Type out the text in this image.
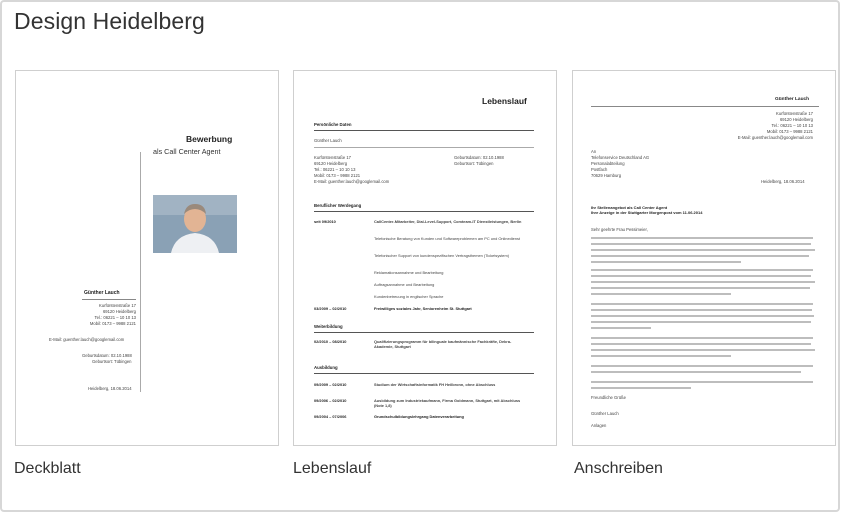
Design Heidelberg
Bewerbung
als Call Center Agent
Günther Lauch
Kurfürstenstraße 17
69120 Heidelberg
Tel.: 06221 – 10 10 13
Mobil: 0173 – 9988 2121
E-Mail: guenther.lauch@googlemail.com
Geburtsdatum: 02.10.1988
Geburtsort: Tübingen
Heidelberg, 18.06.2014
Deckblatt
Lebenslauf
Persönliche Daten
Günther Lauch
Kurfürstenstraße 17
69120 Heidelberg
Tel.: 06221 – 10 10 13
Mobil: 0173 – 9988 2121
E-Mail: guenther.lauch@googlemail.com
Geburtsdatum: 02.10.1988
Geburtsort: Tübingen
Beruflicher Werdegang
seit 09/2010	CallCenter-Mitarbeiter, Dial-Level-Support, Comteam-IT Dienstleistungen, Berlin
Telefonische Beratung von Kunden und Softwareproblemen am PC und Onlinedienst
Telefonischer Support von kundenspezifischen Vertragsthemen (Ticketsystem)
Reklamationsannahme und Bearbeitung
Auftragsannahme und Bearbeitung
Kundenbetreuung in englischer Sprache
03/2009 – 02/2010	Freiwilliges soziales Jahr, Seniorenheim St. Stuttgart
Weiterbildung
02/2010 – 08/2010	Qualifizierungsprogramm für bilinguale kaufmännische Fachkräfte, Dekra-Akademie, Stuttgart
Ausbildung
09/2009 – 02/2010	Studium der Wirtschaftsinformatik FH Heilbronn, ohne Abschluss
09/2006 – 02/2010	Ausbildung zum Industriekaufmann, Firma Goldmann, Stuttgart, mit Abschluss (Note 1,8)
09/2004 – 07/2006	Grundschulbildungslehrgang Datenverarbeitung
Lebenslauf
Günther Lauch
Kurfürstenstraße 17
69120 Heidelberg
Tel.: 06221 – 10 10 13
Mobil: 0173 – 9988 2121
E-Mail: guenther.lauch@googlemail.com
An
Telefonservice Deutschland AG
Personalabteilung
Postfach
70629 Hamburg
Heidelberg, 18.06.2014
Ihr Stellenangebot als Call Center Agent
Ihre Anzeige in der Stuttgarter Morgenpost vom 11.06.2014
Sehr geehrte Frau Pessimeier,
Freundliche Grüße
Günther Lauch
Anlagen
Anschreiben
